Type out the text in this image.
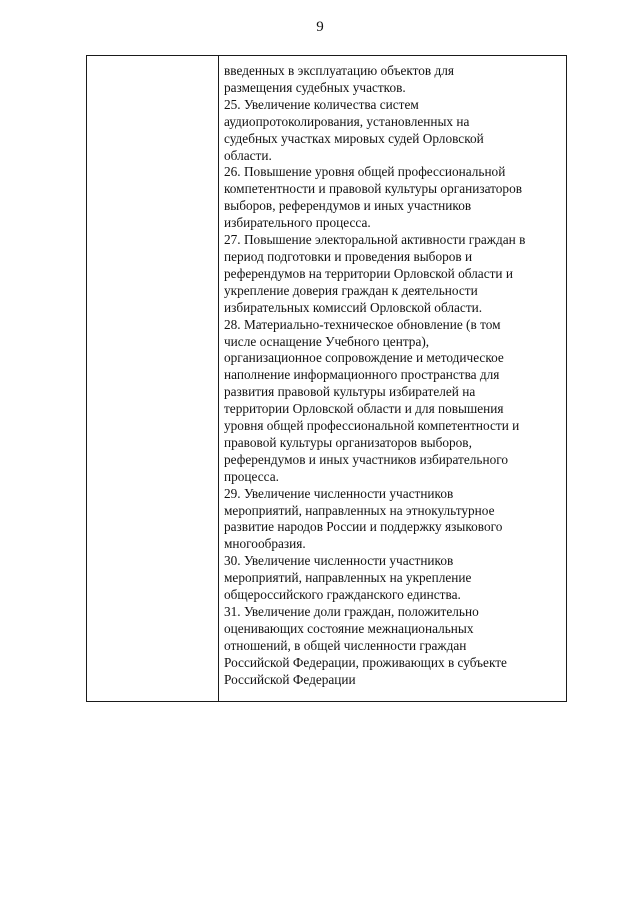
9
введенных в эксплуатацию объектов для
размещения судебных участков.
25. Увеличение количества систем
аудиопротоколирования, установленных на
судебных участках мировых судей Орловской
области.
26. Повышение уровня общей профессиональной
компетентности и правовой культуры организаторов
выборов, референдумов и иных участников
избирательного процесса.
27. Повышение электоральной активности граждан в
период подготовки и проведения выборов и
референдумов на территории Орловской области и
укрепление доверия граждан к деятельности
избирательных комиссий Орловской области.
28. Материально-техническое обновление (в том
числе оснащение Учебного центра),
организационное сопровождение и методическое
наполнение информационного пространства для
развития правовой культуры избирателей на
территории Орловской области и для повышения
уровня общей профессиональной компетентности и
правовой культуры организаторов выборов,
референдумов и иных участников избирательного
процесса.
29. Увеличение численности участников
мероприятий, направленных на этнокультурное
развитие народов России и поддержку языкового
многообразия.
30. Увеличение численности участников
мероприятий, направленных на укрепление
общероссийского гражданского единства.
31. Увеличение доли граждан, положительно
оценивающих состояние межнациональных
отношений, в общей численности граждан
Российской Федерации, проживающих в субъекте
Российской Федерации
